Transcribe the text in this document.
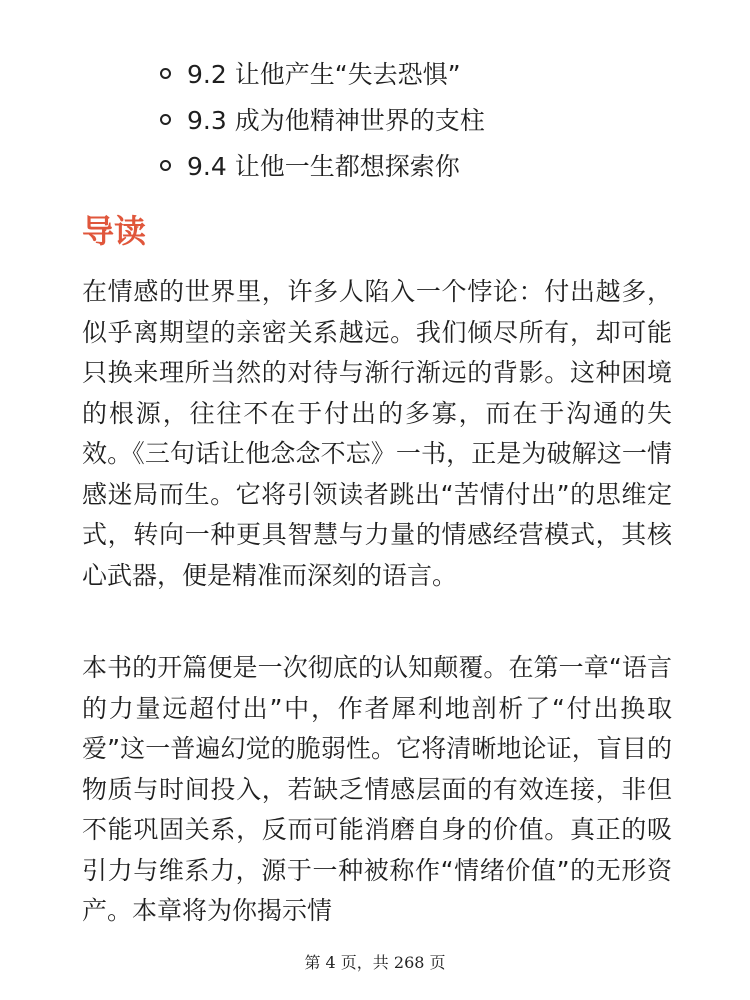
9.2 让他产生“失去恐惧”
9.3 成为他精神世界的支柱
9.4 让他一生都想探索你
导读

在情感的世界里，许多人陷入一个悖论：付出越多，似乎离期望的亲密关系越远。我们倾尽所有，却可能只换来理所当然的对待与渐行渐远的背影。这种困境的根源，往往不在于付出的多寡，而在于沟通的失效。《三句话让他念念不忘》一书，正是为破解这一情感迷局而生。它将引领读者跳出“苦情付出”的思维定式，转向一种更具智慧与力量的情感经营模式，其核心武器，便是精准而深刻的语言。

本书的开篇便是一次彻底的认知颠覆。在第一章“语言的力量远超付出”中，作者犀利地剖析了“付出换取爱”这一普遍幻觉的脆弱性。它将清晰地论证，盲目的物质与时间投入，若缺乏情感层面的有效连接，非但不能巩固关系，反而可能消磨自身的价值。真正的吸引力与维系力，源于一种被称作“情绪价值”的无形资产。本章将为你揭示情

第 4 页，共 268 页
